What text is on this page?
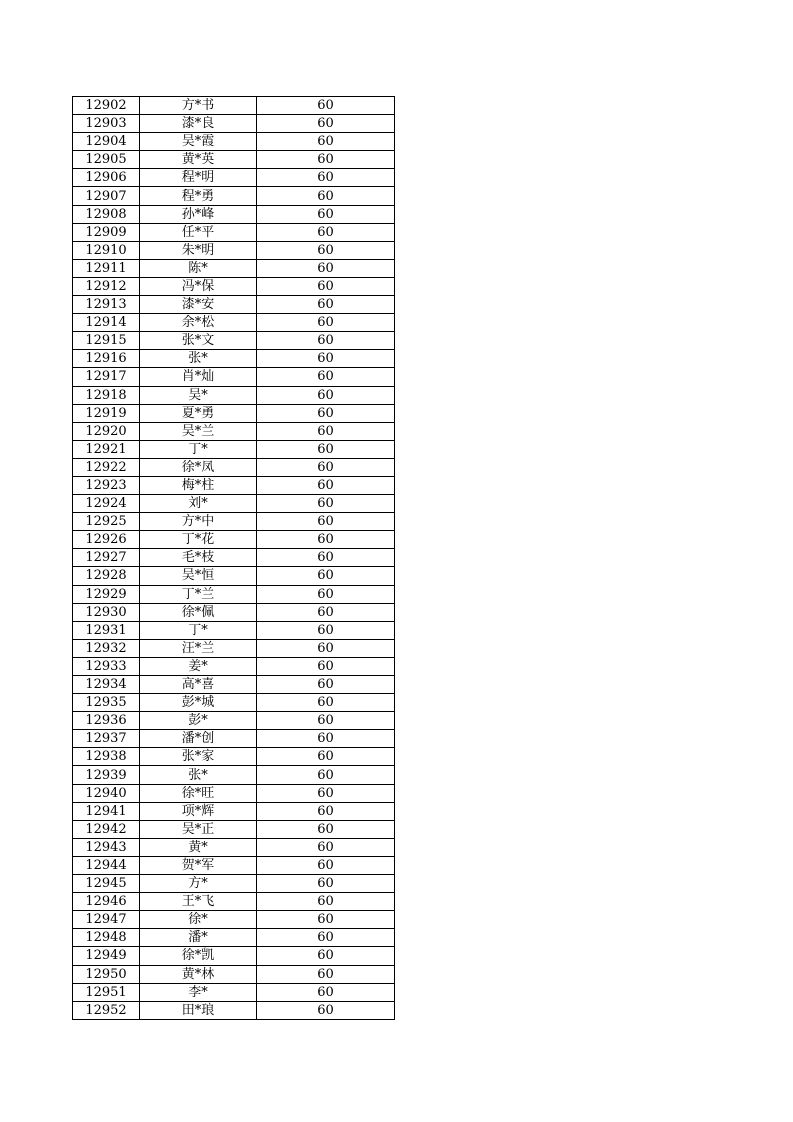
12902	方*书	60
12903	漆*良	60
12904	吴*霞	60
12905	黄*英	60
12906	程*明	60
12907	程*勇	60
12908	孙*峰	60
12909	任*平	60
12910	朱*明	60
12911	陈*	60
12912	冯*保	60
12913	漆*安	60
12914	余*松	60
12915	张*文	60
12916	张*	60
12917	肖*灿	60
12918	吴*	60
12919	夏*勇	60
12920	吴*兰	60
12921	丁*	60
12922	徐*凤	60
12923	梅*柱	60
12924	刘*	60
12925	方*中	60
12926	丁*花	60
12927	毛*枝	60
12928	吴*恒	60
12929	丁*兰	60
12930	徐*佩	60
12931	丁*	60
12932	汪*兰	60
12933	姜*	60
12934	高*喜	60
12935	彭*城	60
12936	彭*	60
12937	潘*创	60
12938	张*家	60
12939	张*	60
12940	徐*旺	60
12941	项*辉	60
12942	吴*正	60
12943	黄*	60
12944	贺*军	60
12945	方*	60
12946	王*飞	60
12947	徐*	60
12948	潘*	60
12949	徐*凯	60
12950	黄*林	60
12951	李*	60
12952	田*琅	60
